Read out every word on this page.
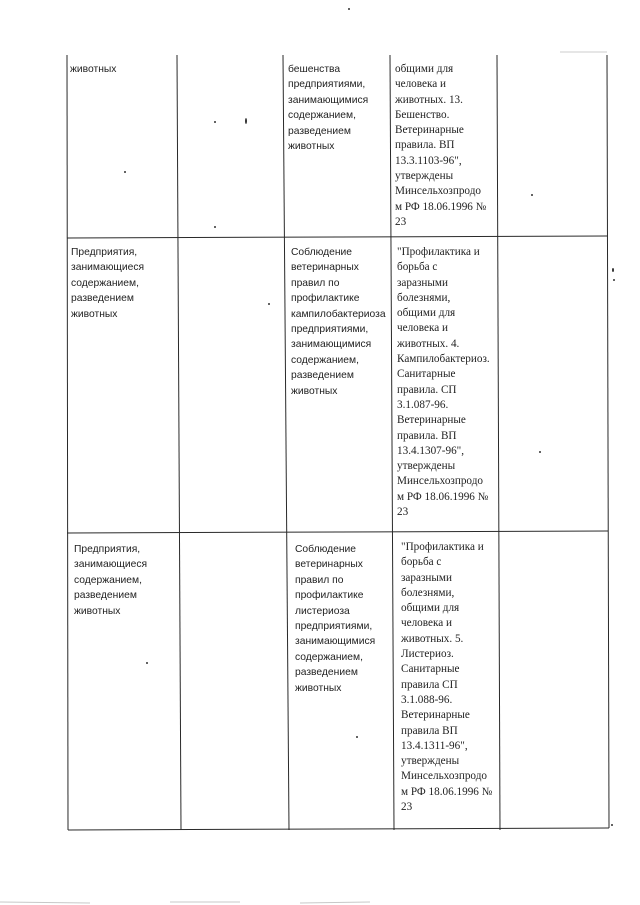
животных	бешенства
предприятиями,
занимающимися
содержанием,
разведением
животных
общими для
человека и
животных. 13.
Бешенство.
Ветеринарные
правила. ВП
13.3.1103-96",
утверждены
Минсельхозпродо
м РФ 18.06.1996 №
23
Предприятия,
занимающиеся
содержанием,
разведением
животных
Соблюдение
ветеринарных
правил по
профилактике
кампилобактериоза
предприятиями,
занимающимися
содержанием,
разведением
животных
"Профилактика и
борьба с
заразными
болезнями,
общими для
человека и
животных. 4.
Кампилобактериоз.
Санитарные
правила. СП
3.1.087-96.
Ветеринарные
правила. ВП
13.4.1307-96",
утверждены
Минсельхозпродо
м РФ 18.06.1996 №
23
Предприятия,
занимающиеся
содержанием,
разведением
животных
Соблюдение
ветеринарных
правил по
профилактике
листериоза
предприятиями,
занимающимися
содержанием,
разведением
животных
"Профилактика и
борьба с
заразными
болезнями,
общими для
человека и
животных. 5.
Листериоз.
Санитарные
правила СП
3.1.088-96.
Ветеринарные
правила ВП
13.4.1311-96",
утверждены
Минсельхозпродо
м РФ 18.06.1996 №
23
